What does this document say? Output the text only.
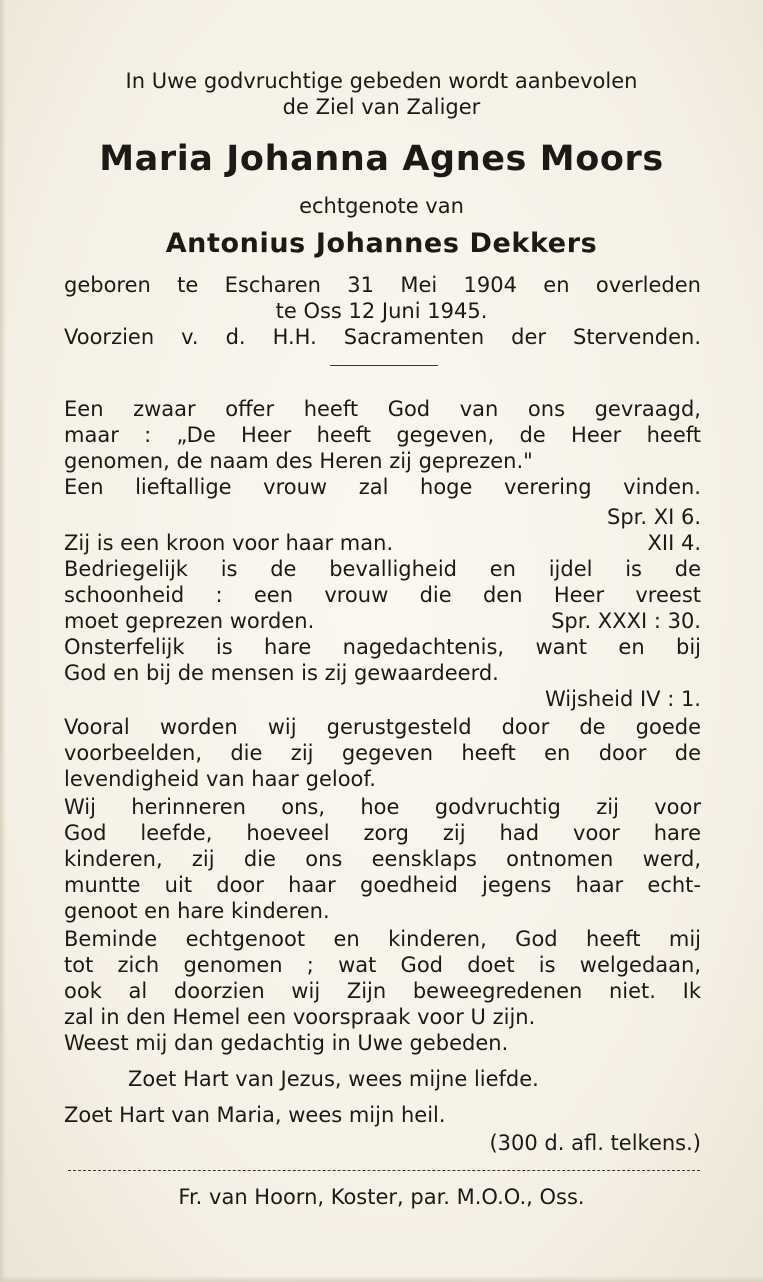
In Uwe godvruchtige gebeden wordt aanbevolen
de Ziel van Zaliger
Maria Johanna Agnes Moors
echtgenote van
Antonius Johannes Dekkers
geboren te Escharen 31 Mei 1904 en overleden
te Oss 12 Juni 1945.
Voorzien v. d. H.H. Sacramenten der Stervenden.
Een zwaar offer heeft God van ons gevraagd,
maar : „De Heer heeft gegeven, de Heer heeft
genomen, de naam des Heren zij geprezen."
Een lieftallige vrouw zal hoge verering vinden.
Spr. XI 6.
Zij is een kroon voor haar man.	XII 4.
Bedriegelijk is de bevalligheid en ijdel is de
schoonheid : een vrouw die den Heer vreest
moet geprezen worden.	Spr. XXXI : 30.
Onsterfelijk is hare nagedachtenis, want en bij
God en bij de mensen is zij gewaardeerd.
Wijsheid IV : 1.
Vooral worden wij gerustgesteld door de goede
voorbeelden, die zij gegeven heeft en door de
levendigheid van haar geloof.
Wij herinneren ons, hoe godvruchtig zij voor
God leefde, hoeveel zorg zij had voor hare
kinderen, zij die ons eensklaps ontnomen werd,
muntte uit door haar goedheid jegens haar echt-
genoot en hare kinderen.
Beminde echtgenoot en kinderen, God heeft mij
tot zich genomen ; wat God doet is welgedaan,
ook al doorzien wij Zijn beweegredenen niet. Ik
zal in den Hemel een voorspraak voor U zijn.
Weest mij dan gedachtig in Uwe gebeden.
Zoet Hart van Jezus, wees mijne liefde.
Zoet Hart van Maria, wees mijn heil.
(300 d. afl. telkens.)
Fr. van Hoorn, Koster, par. M.O.O., Oss.
